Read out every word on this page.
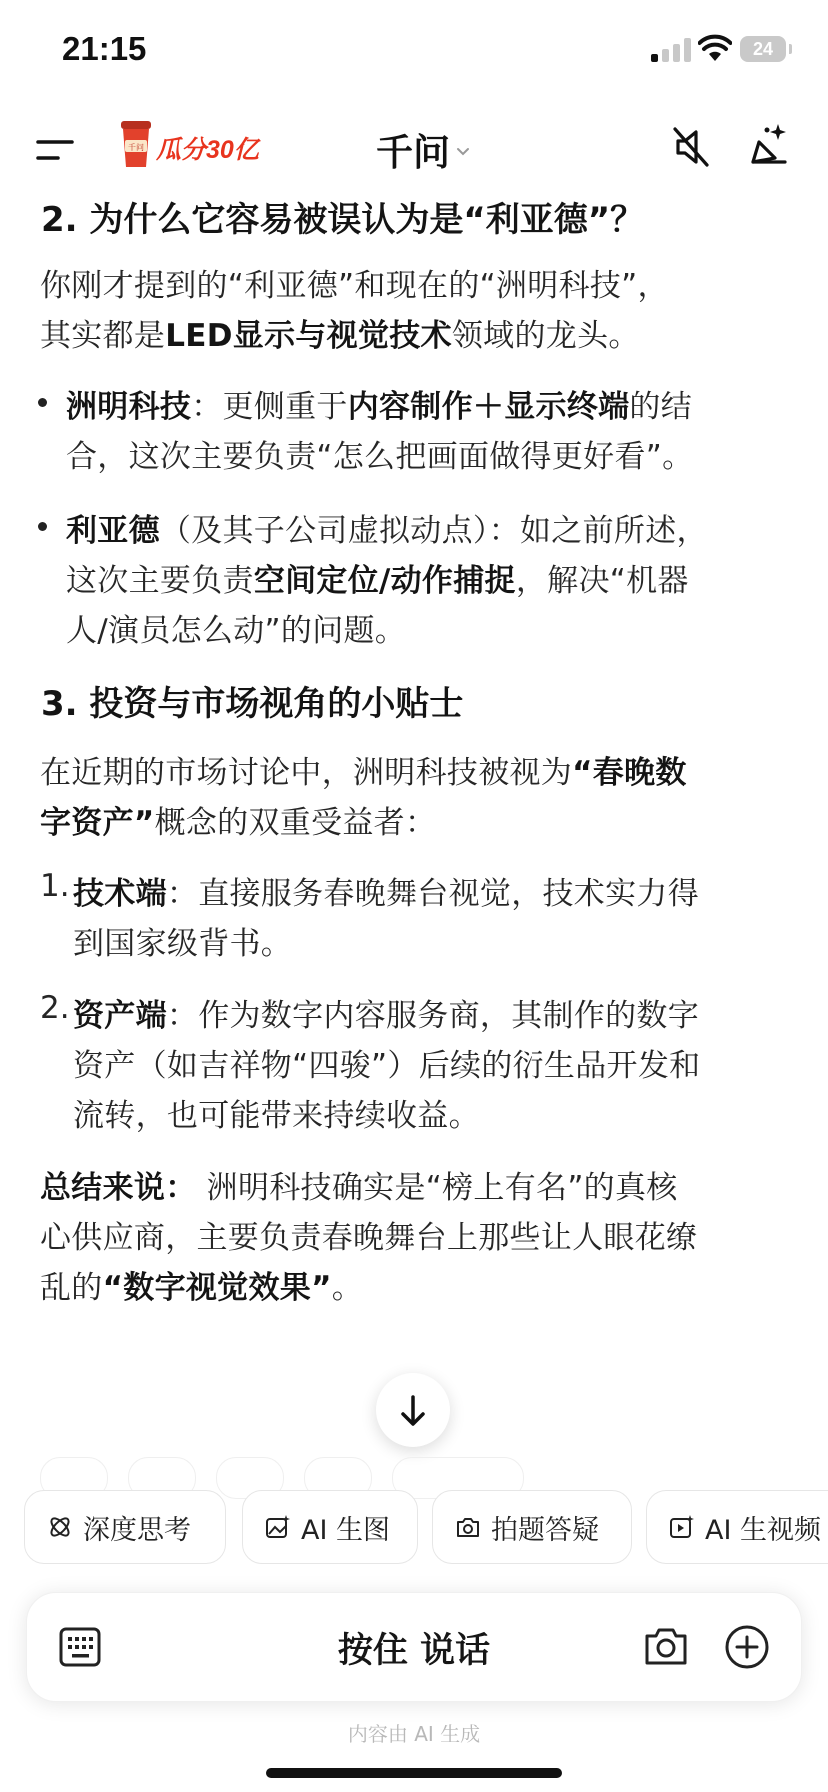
21:15	24
千问 瓜分30亿	千问
2. 为什么它容易被误认为是“利亚德”？
你刚才提到的“利亚德”和现在的“洲明科技”，
其实都是LED显示与视觉技术领域的龙头。
洲明科技：更侧重于内容制作＋显示终端的结
合，这次主要负责“怎么把画面做得更好看”。
利亚德（及其子公司虚拟动点）：如之前所述，
这次主要负责空间定位/动作捕捉，解决“机器
人/演员怎么动”的问题。
3. 投资与市场视角的小贴士
在近期的市场讨论中，洲明科技被视为“春晚数
字资产”概念的双重受益者：
1. 技术端：直接服务春晚舞台视觉，技术实力得
到国家级背书。
2. 资产端：作为数字内容服务商，其制作的数字
资产（如吉祥物“四骏”）后续的衍生品开发和
流转，也可能带来持续收益。
总结来说： 洲明科技确实是“榜上有名”的真核
心供应商，主要负责春晚舞台上那些让人眼花缭
乱的“数字视觉效果”。
深度思考	AI 生图	拍题答疑	AI 生视频
按住 说话
内容由 AI 生成
